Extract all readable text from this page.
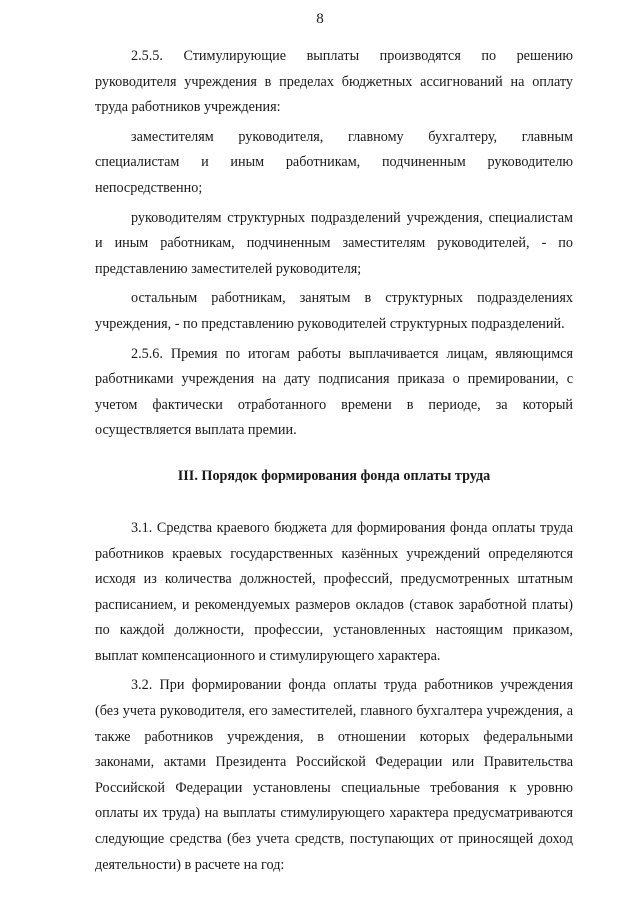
8

2.5.5. Стимулирующие выплаты производятся по решению руководителя учреждения в пределах бюджетных ассигнований на оплату труда работников учреждения:

заместителям руководителя, главному бухгалтеру, главным специалистам и иным работникам, подчиненным руководителю непосредственно;

руководителям структурных подразделений учреждения, специалистам и иным работникам, подчиненным заместителям руководителей, - по представлению заместителей руководителя;

остальным работникам, занятым в структурных подразделениях учреждения, - по представлению руководителей структурных подразделений.

2.5.6. Премия по итогам работы выплачивается лицам, являющимся работниками учреждения на дату подписания приказа о премировании, с учетом фактически отработанного времени в периоде, за который осуществляется выплата премии.

III. Порядок формирования фонда оплаты труда

3.1. Средства краевого бюджета для формирования фонда оплаты труда работников краевых государственных казённых учреждений определяются исходя из количества должностей, профессий, предусмотренных штатным расписанием, и рекомендуемых размеров окладов (ставок заработной платы) по каждой должности, профессии, установленных настоящим приказом, выплат компенсационного и стимулирующего характера.

3.2. При формировании фонда оплаты труда работников учреждения (без учета руководителя, его заместителей, главного бухгалтера учреждения, а также работников учреждения, в отношении которых федеральными законами, актами Президента Российской Федерации или Правительства Российской Федерации установлены специальные требования к уровню оплаты их труда) на выплаты стимулирующего характера предусматриваются следующие средства (без учета средств, поступающих от приносящей доход деятельности) в расчете на год:
